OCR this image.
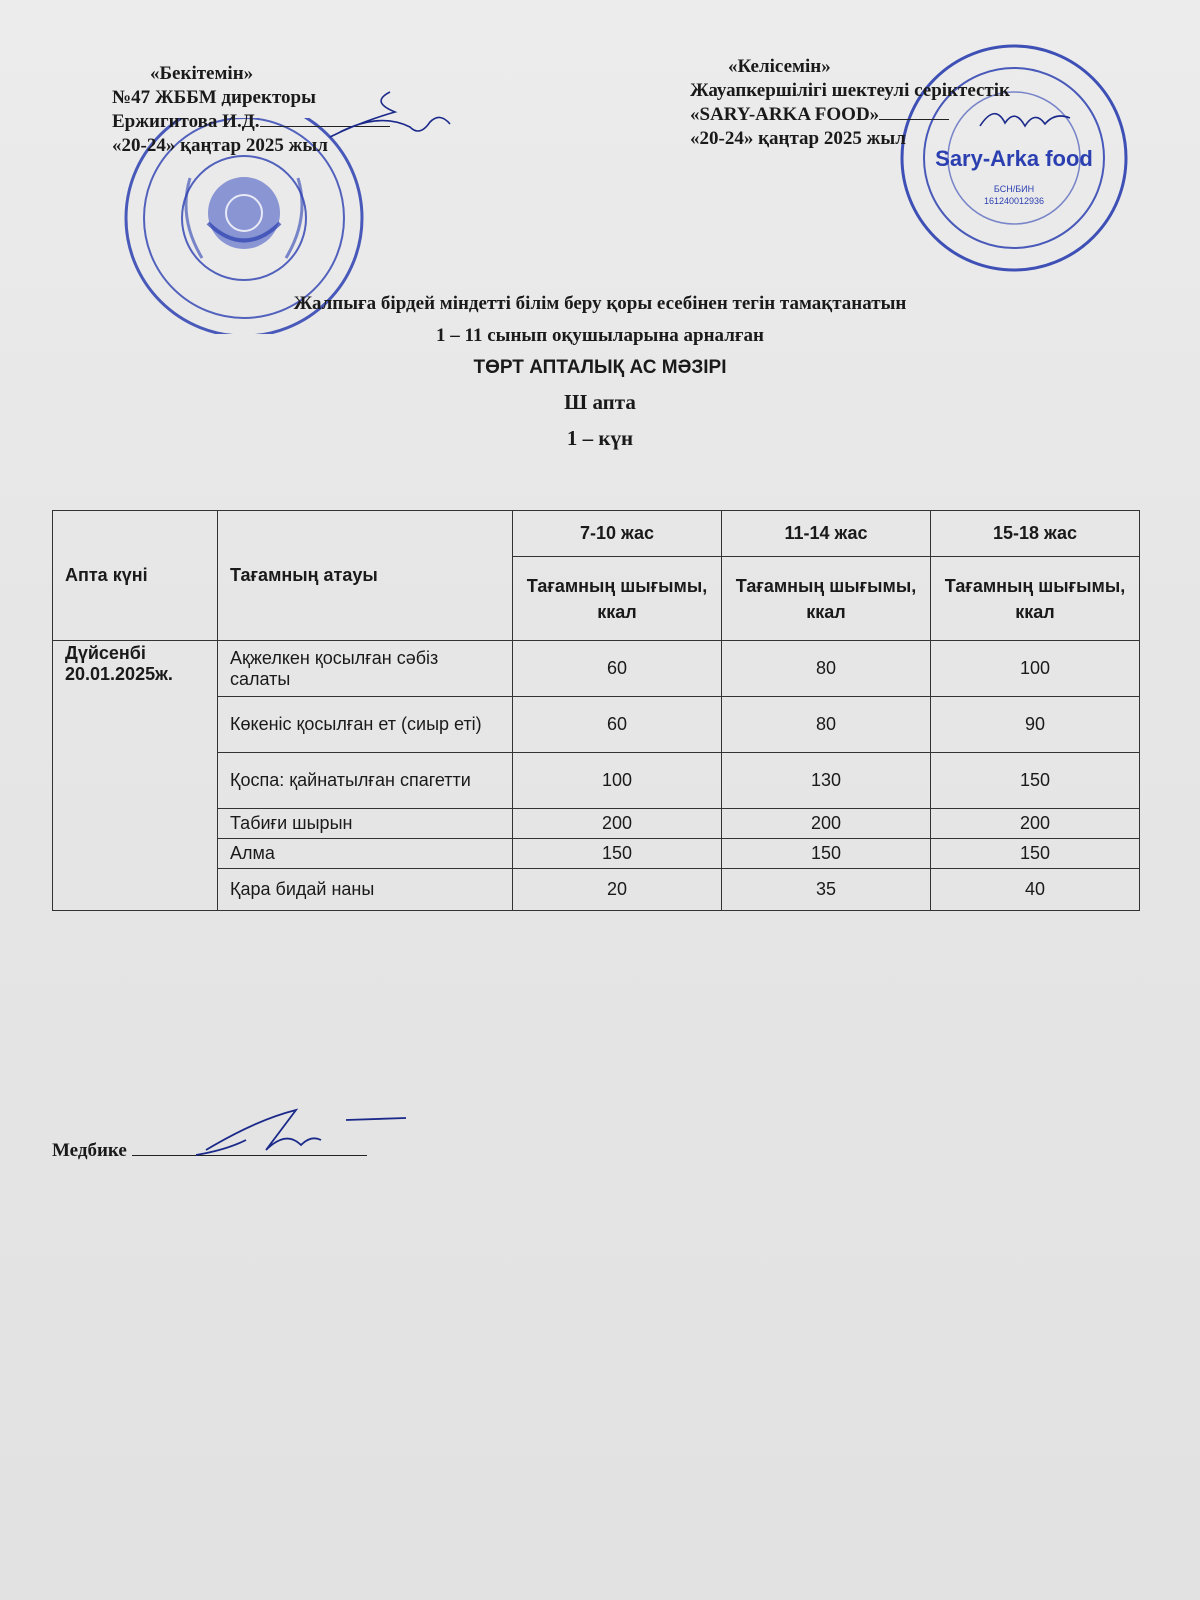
Sary-Arka food
БСН/БИН
161240012936
«Бекітемін»
№47 ЖББМ директоры
Ержигитова И.Д.
«20-24» қаңтар 2025 жыл
«Келісемін»
Жауапкершілігі шектеулі серіктестік
«SARY-ARKA FOOD»
«20-24» қаңтар 2025 жыл
Жалпыға бірдей міндетті білім беру қоры есебінен тегін тамақтанатын
1 – 11 сынып оқушыларына арналған
ТӨРТ АПТАЛЫҚ АС МӘЗІРІ
Ш апта
1 – күн
Апта күні	Тағамның атауы	7-10 жас	11-14 жас	15-18 жас
		Тағамның шығымы, ккал	Тағамның шығымы, ккал	Тағамның шығымы, ккал

Дүйсенбі
20.01.2025ж.	Ақжелкен қосылған сәбіз салаты	60	80	100
	Көкеніс қосылған ет (сиыр еті)	60	80	90
	Қоспа: қайнатылған спагетти	100	130	150
	Табиғи шырын	200	200	200
	Алма	150	150	150
	Қара бидай наны	20	35	40
Медбике
